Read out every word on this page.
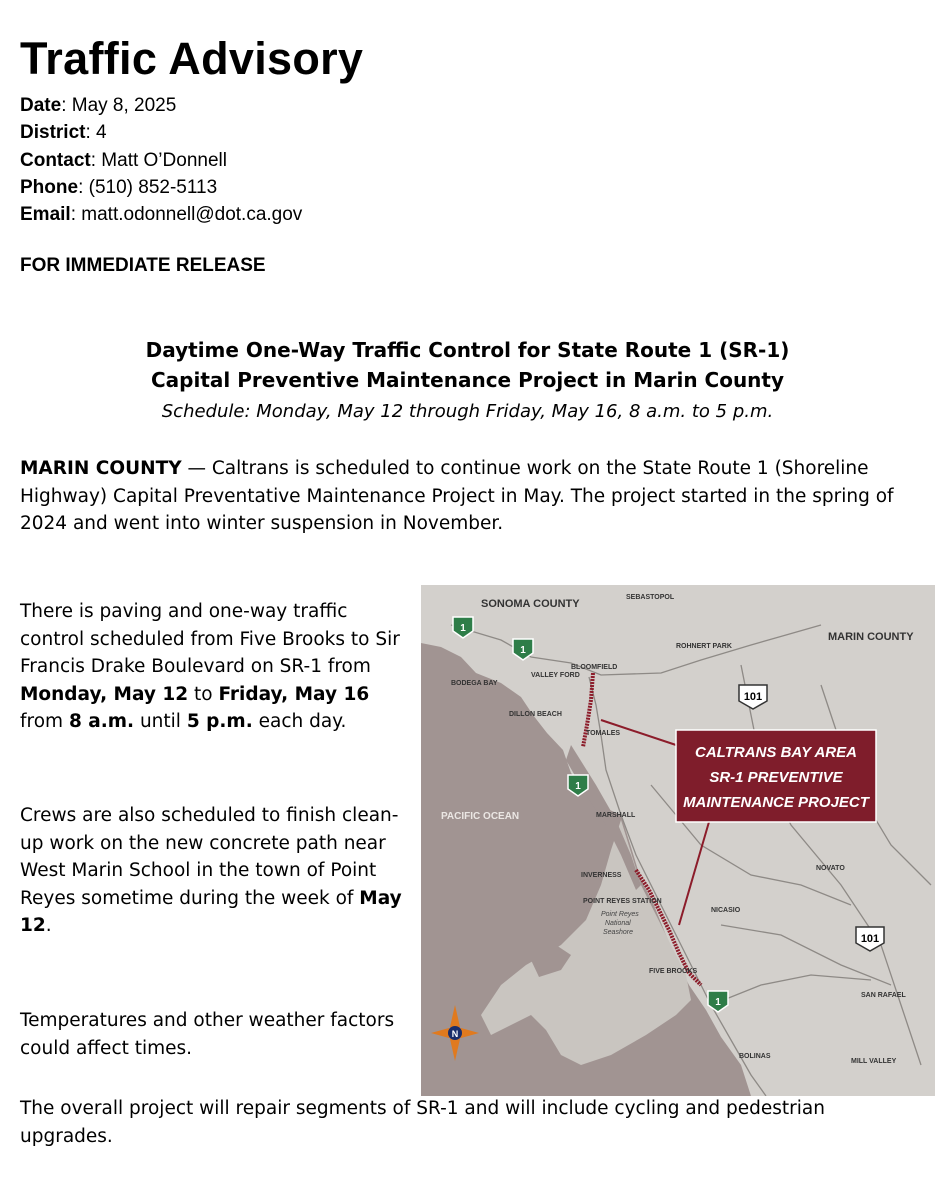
Traffic Advisory
Date: May 8, 2025
District: 4
Contact: Matt O’Donnell
Phone: (510) 852-5113
Email: matt.odonnell@dot.ca.gov
FOR IMMEDIATE RELEASE
Daytime One-Way Traffic Control for State Route 1 (SR-1)
Capital Preventive Maintenance Project in Marin County
Schedule: Monday, May 12 through Friday, May 16, 8 a.m. to 5 p.m.
MARIN COUNTY — Caltrans is scheduled to continue work on the State Route 1 (Shoreline Highway) Capital Preventative Maintenance Project in May. The project started in the spring of 2024 and went into winter suspension in November.
There is paving and one-way traffic control scheduled from Five Brooks to Sir Francis Drake Boulevard on SR-1 from Monday, May 12 to Friday, May 16 from 8 a.m. until 5 p.m. each day.
Crews are also scheduled to finish clean-up work on the new concrete path near West Marin School in the town of Point Reyes sometime during the week of May 12.
Temperatures and other weather factors could affect times.
The overall project will repair segments of SR-1 and will include cycling and pedestrian upgrades.
CALTRANS BAY AREA
SR-1 PREVENTIVE
MAINTENANCE PROJECT
1
1
1
1
101
101
N
SONOMA COUNTY
SEBASTOPOL
ROHNERT PARK
MARIN COUNTY
BLOOMFIELD
BODEGA BAY
VALLEY FORD
DILLON BEACH
TOMALES
PACIFIC OCEAN	MARSHALL
NOVATO
INVERNESS
POINT REYES STATION
Point Reyes
National
Seashore
NICASIO
FIVE BROOKS
SAN RAFAEL
BOLINAS
MILL VALLEY
